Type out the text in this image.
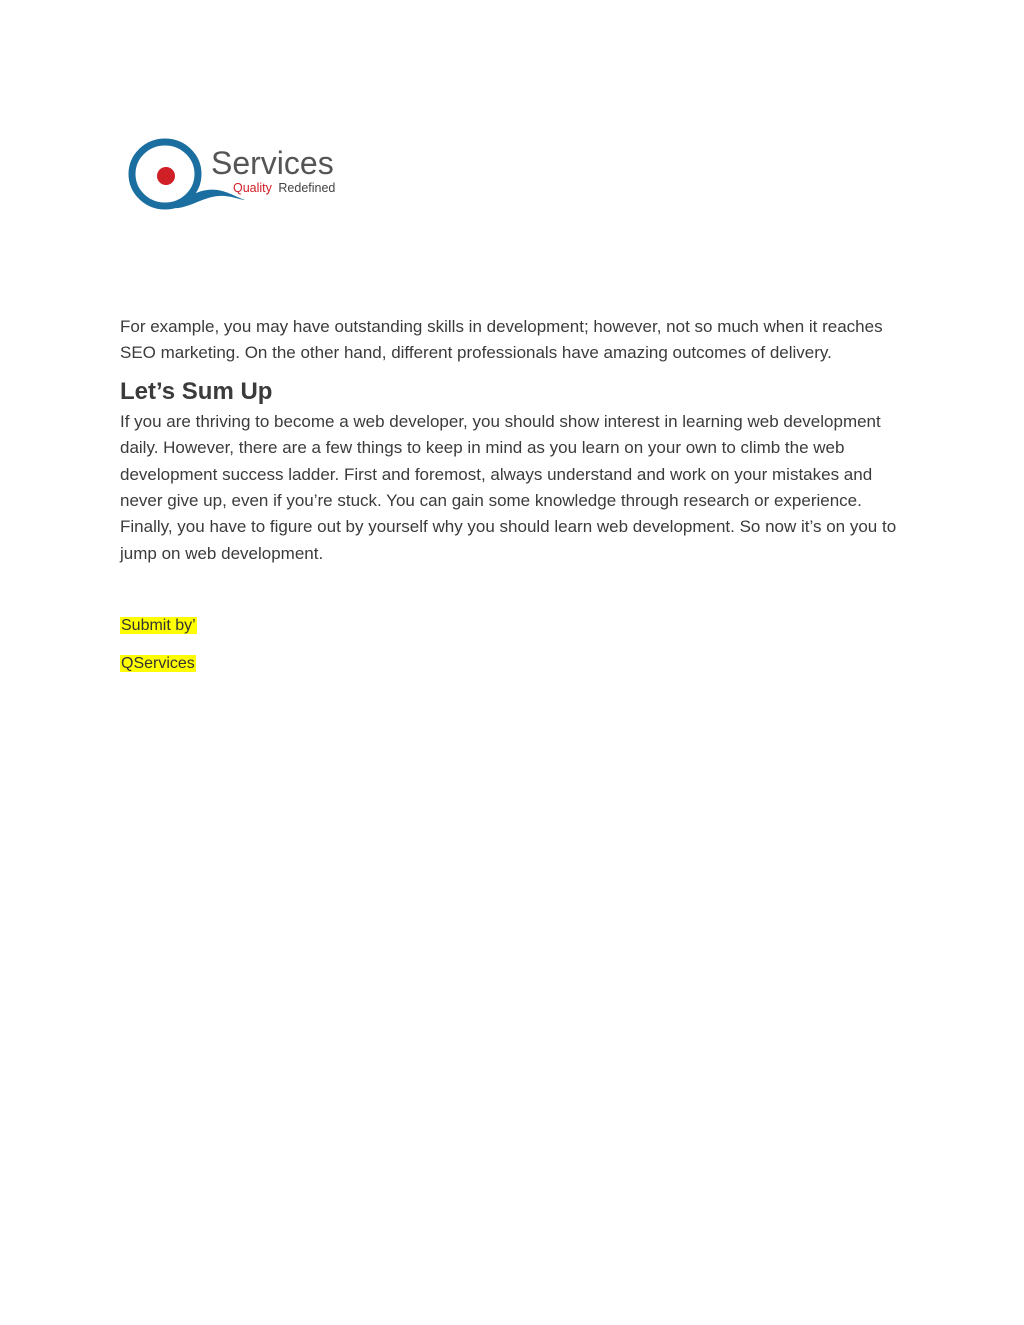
Services
Quality Redefined

For example, you may have outstanding skills in development; however, not so much when it reaches SEO marketing. On the other hand, different professionals have amazing outcomes of delivery.

Let’s Sum Up

If you are thriving to become a web developer, you should show interest in learning web development daily. However, there are a few things to keep in mind as you learn on your own to climb the web development success ladder. First and foremost, always understand and work on your mistakes and never give up, even if you’re stuck. You can gain some knowledge through research or experience. Finally, you have to figure out by yourself why you should learn web development. So now it’s on you to jump on web development.

Submit by’

QServices
